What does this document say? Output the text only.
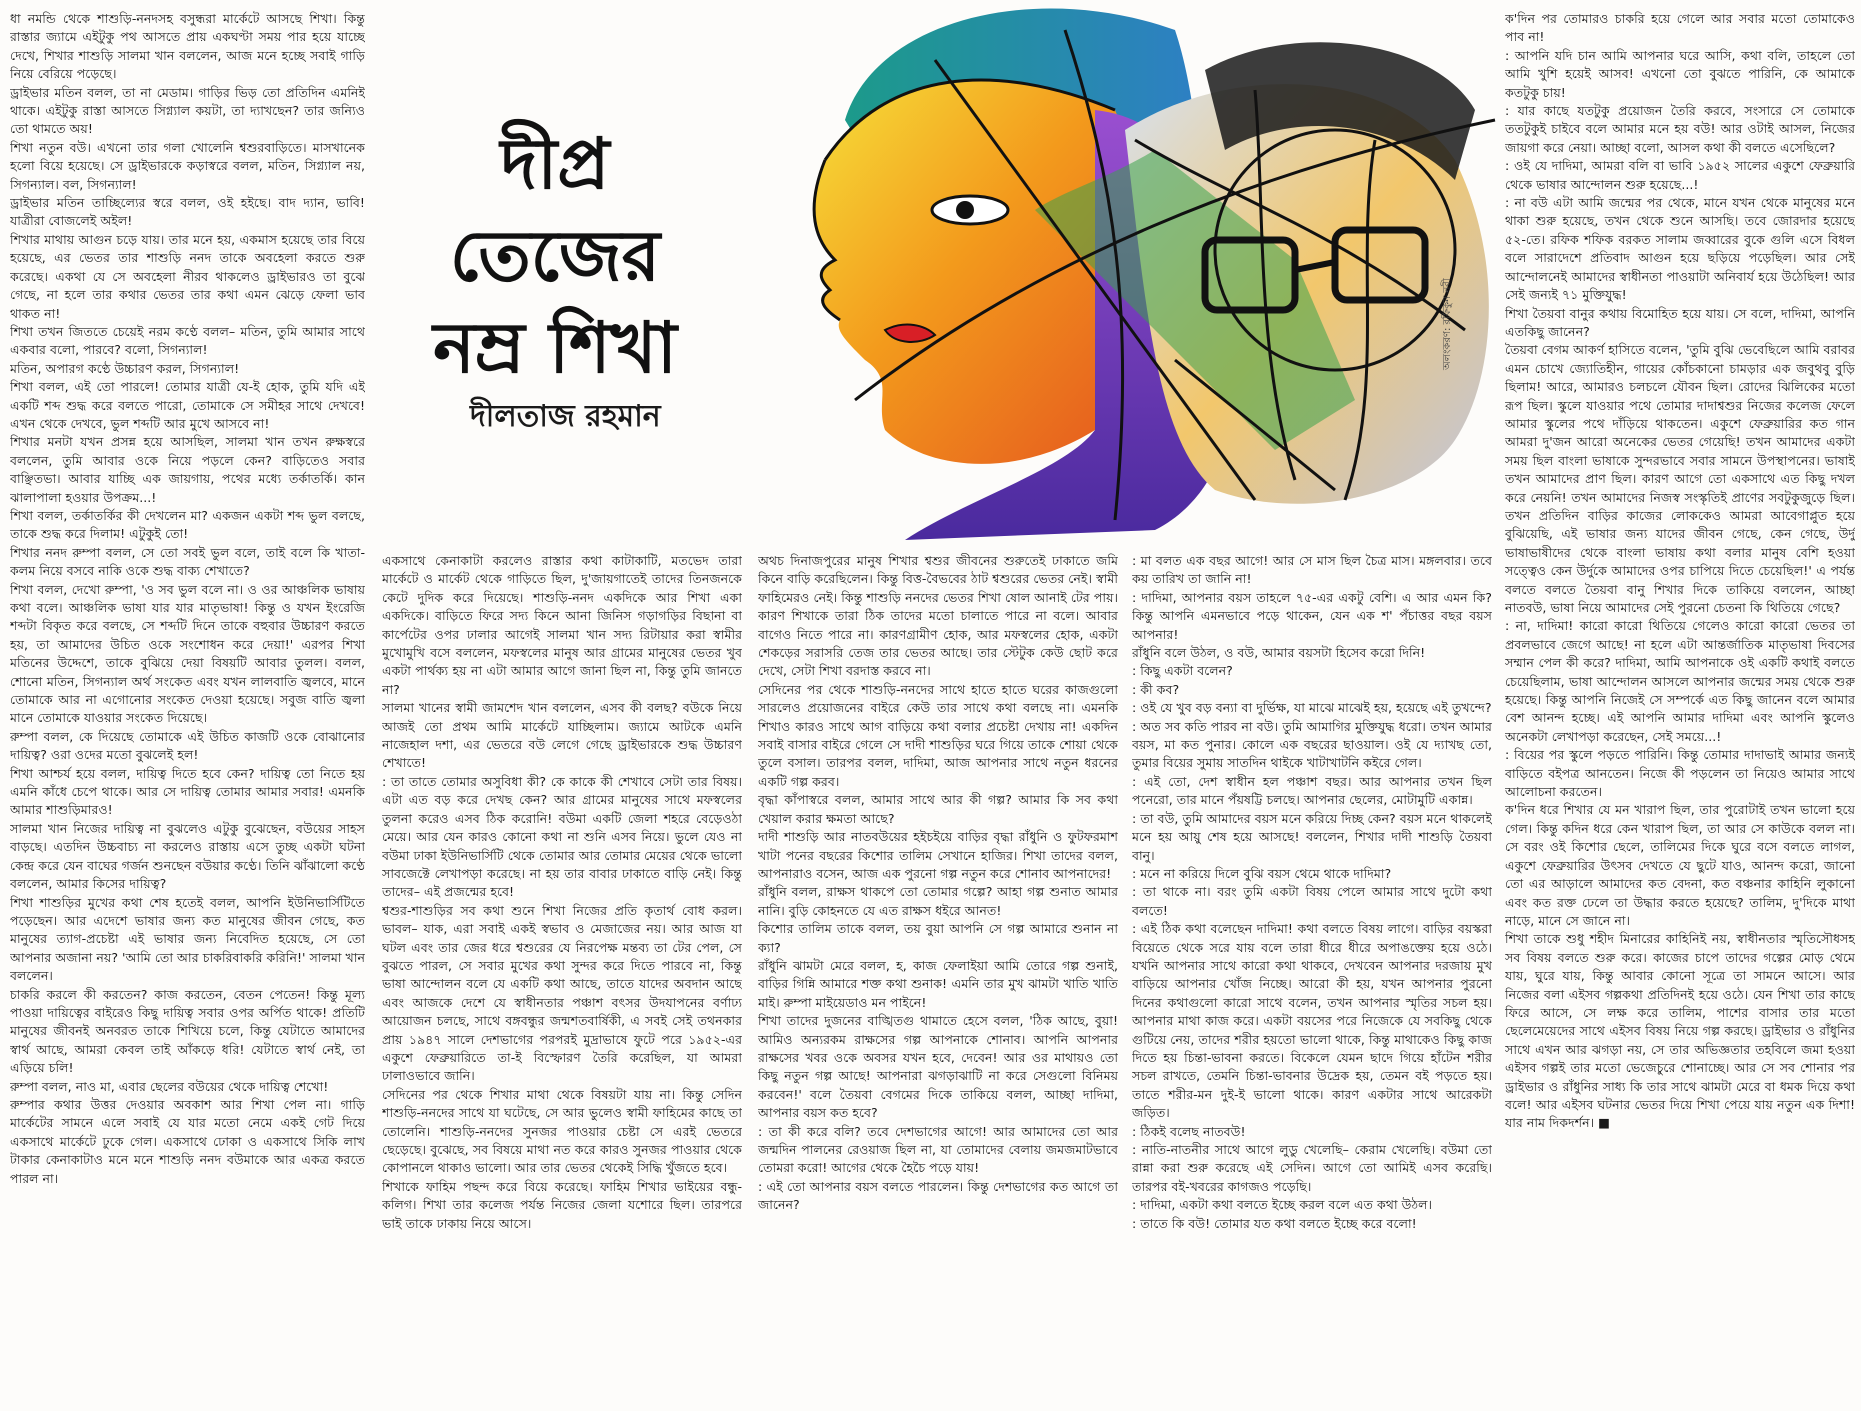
অলংকরণ: রফিকুন নবী
দীপ্র
তেজের
নম্র শিখা
দীলতাজ রহমান

ধা নমন্ডি থেকে শাশুড়ি-ননদসহ বসুন্ধরা মার্কেটে আসছে শিখা। কিন্তু রাস্তার জ্যামে এইটুকু পথ আসতে প্রায় একঘণ্টা সময় পার হয়ে যাচ্ছে দেখে, শিখার শাশুড়ি সালমা খান বললেন, আজ মনে হচ্ছে সবাই গাড়ি নিয়ে বেরিয়ে পড়েছে।

ড্রাইভার মতিন বলল, তা না মেডাম। গাড়ির ভিড় তো প্রতিদিন এমনিই থাকে। এইটুকু রাস্তা আসতে সিগ্ন্যাল কয়টা, তা দ্যাখছেন? তার জন্যিও তো থামতে অয়!

শিখা নতুন বউ। এখনো তার গলা খোলেনি শ্বশুরবাড়িতে। মাসখানেক হলো বিয়ে হয়েছে। সে ড্রাইভারকে কড়াস্বরে বলল, মতিন, সিগ্ন্যাল নয়, সিগন্যাল। বল, সিগন্যাল!

ড্রাইভার মতিন তাচ্ছিল্যের স্বরে বলল, ওই হইছে। বাদ দ্যান, ভাবি! যাত্রীরা বোজলেই অইল!

শিখার মাথায় আগুন চড়ে যায়। তার মনে হয়, একমাস হয়েছে তার বিয়ে হয়েছে, এর ভেতর তার শাশুড়ি ননদ তাকে অবহেলা করতে শুরু করেছে। একথা যে সে অবহেলা নীরব থাকলেও ড্রাইভারও তা বুঝে গেছে, না হলে তার কথার ভেতর তার কথা এমন ঝেড়ে ফেলা ভাব থাকত না!

শিখা তখন জিততে চেয়েই নরম কণ্ঠে বলল– মতিন, তুমি আমার সাথে একবার বলো, পারবে? বলো, সিগন্যাল!

মতিন, অপারগ কণ্ঠে উচ্চারণ করল, সিগন্যাল!

শিখা বলল, এই তো পারলে! তোমার যাত্রী যে-ই হোক, তুমি যদি এই একটি শব্দ শুদ্ধ করে বলতে পারো, তোমাকে সে সমীহর সাথে দেখবে! এখন থেকে দেখবে, ভুল শব্দটি আর মুখে আসবে না!

শিখার মনটা যখন প্রসন্ন হয়ে আসছিল, সালমা খান তখন রুক্ষস্বরে বললেন, তুমি আবার ওকে নিয়ে পড়লে কেন? বাড়িতেও সবার বাঞ্ছিতভা। আবার যাচ্ছি এক জায়গায়, পথের মধ্যে তর্কাতর্কি। কান ঝালাপালা হওয়ার উপক্রম...!

শিখা বলল, তর্কাতর্কির কী দেখলেন মা? একজন একটা শব্দ ভুল বলছে, তাকে শুদ্ধ করে দিলাম! এটুকুই তো!

শিখার ননদ রুম্পা বলল, সে তো সবই ভুল বলে, তাই বলে কি খাতা-কলম নিয়ে বসবে নাকি ওকে শুদ্ধ বাক্য শেখাতে?

শিখা বলল, দেখো রুম্পা, 'ও সব ভুল বলে না। ও ওর আঞ্চলিক ভাষায় কথা বলে। আঞ্চলিক ভাষা যার যার মাতৃভাষা! কিন্তু ও যখন ইংরেজি শব্দটা বিকৃত করে বলছে, সে শব্দটি দিনে তাকে বহুবার উচ্চারণ করতে হয়, তা আমাদের উচিত ওকে সংশোধন করে দেয়া!' এরপর শিখা মতিনের উদ্দেশে, তাকে বুঝিয়ে দেয়া বিষয়টি আবার তুলল। বলল, শোনো মতিন, সিগন্যাল অর্থ সংকেত এবং যখন লালবাতি জ্বলবে, মানে তোমাকে আর না এগোনোর সংকেত দেওয়া হয়েছে। সবুজ বাতি জ্বলা মানে তোমাকে যাওয়ার সংকেত দিয়েছে।

রুম্পা বলল, কে দিয়েছে তোমাকে এই উচিত কাজটি ওকে বোঝানোর দায়িত্ব? ওরা ওদের মতো বুঝলেই হল!

শিখা আশ্চর্য হয়ে বলল, দায়িত্ব দিতে হবে কেন? দায়িত্ব তো নিতে হয় এমনি কাঁধে চেপে থাকে। আর সে দায়িত্ব তোমার আমার সবার! এমনকি আমার শাশুড়িমারও!

সালমা খান নিজের দায়িত্ব না বুঝলেও এটুকু বুঝেছেন, বউয়ের সাহস বাড়ছে। এতদিন উচ্চবাচ্য না করলেও রাস্তায় এসে তুচ্ছ একটা ঘটনা কেন্দ্র করে যেন বাঘের গর্জন শুনছেন বউয়ার কণ্ঠে। তিনি ঝাঁঝালো কণ্ঠে বললেন, আমার কিসের দায়িত্ব?

শিখা শাশুড়ির মুখের কথা শেষ হতেই বলল, আপনি ইউনিভার্সিটিতে পড়েছেন। আর এদেশে ভাষার জন্য কত মানুষের জীবন গেছে, কত মানুষের ত্যাগ-প্রচেষ্টা এই ভাষার জন্য নিবেদিত হয়েছে, সে তো আপনার অজানা নয়? 'আমি তো আর চাকরিবাকরি করিনি!' সালমা খান বললেন।

চাকরি করলে কী করতেন? কাজ করতেন, বেতন পেতেন! কিন্তু মূল্য পাওয়া দায়িত্বের বাইরেও কিছু দায়িত্ব সবার ওপর অর্পিত থাকে! প্রতিটি মানুষের জীবনই অনবরত তাকে শিখিয়ে চলে, কিন্তু যেটাতে আমাদের স্বার্থ আছে, আমরা কেবল তাই আঁকড়ে ধরি! যেটাতে স্বার্থ নেই, তা এড়িয়ে চলি!

রুম্পা বলল, নাও মা, এবার ছেলের বউয়ের থেকে দায়িত্ব শেখো!

রুম্পার কথার উত্তর দেওয়ার অবকাশ আর শিখা পেল না। গাড়ি মার্কেটের সামনে এলে সবাই যে যার মতো নেমে একই গেট দিয়ে একসাথে মার্কেটে ঢুকে গেল। একসাথে ঢোকা ও একসাথে সিকি লাখ টাকার কেনাকাটাও মনে মনে শাশুড়ি ননদ বউমাকে আর একত্র করতে পারল না।

একসাথে কেনাকাটা করলেও রাস্তার কথা কাটাকাটি, মতভেদ তারা মার্কেটে ও মার্কেট থেকে গাড়িতে ছিল, দু'জায়গাতেই তাদের তিনজনকে কেটে দুদিক করে দিয়েছে। শাশুড়ি-ননদ একদিকে আর শিখা একা একদিকে। বাড়িতে ফিরে সদ্য কিনে আনা জিনিস গড়াগড়ির বিছানা বা কার্পেটের ওপর ঢালার আগেই সালমা খান সদ্য রিটায়ার করা স্বামীর মুখোমুখি বসে বললেন, মফস্বলের মানুষ আর গ্রামের মানুষের ভেতর খুব একটা পার্থক্য হয় না এটা আমার আগে জানা ছিল না, কিন্তু তুমি জানতে না?

সালমা খানের স্বামী জামশেদ খান বললেন, এসব কী বলছ? বউকে নিয়ে আজই তো প্রথম আমি মার্কেটে যাচ্ছিলাম। জ্যামে আটকে এমনি নাজেহাল দশা, এর ভেতরে বউ লেগে গেছে ড্রাইভারকে শুদ্ধ উচ্চারণ শেখাতে!

: তা তাতে তোমার অসুবিধা কী? কে কাকে কী শেখাবে সেটা তার বিষয়। এটা এত বড় করে দেখছ কেন? আর গ্রামের মানুষের সাথে মফস্বলের তুলনা করেও এসব ঠিক করোনি! বউমা একটি জেলা শহরে বেড়েওঠা মেয়ে। আর যেন কারও কোনো কথা না শুনি এসব নিয়ে। ভুলে যেও না বউমা ঢাকা ইউনিভার্সিটি থেকে তোমার আর তোমার মেয়ের থেকে ভালো সাবজেক্টে লেখাপড়া করেছে। না হয় তার বাবার ঢাকাতে বাড়ি নেই। কিন্তু তাদের– এই প্রজন্মের হবে!

শ্বশুর-শাশুড়ির সব কথা শুনে শিখা নিজের প্রতি কৃতার্থ বোধ করল। ভাবল– যাক, এরা সবাই একই স্বভাব ও মেজাজের নয়। আর আজ যা ঘটল এবং তার জের ধরে শ্বশুরের যে নিরপেক্ষ মন্তব্য তা টের পেল, সে বুঝতে পারল, সে সবার মুখের কথা সুন্দর করে দিতে পারবে না, কিন্তু ভাষা আন্দোলন বলে যে একটি কথা আছে, তাতে যাদের অবদান আছে এবং আজকে দেশে যে স্বাধীনতার পঞ্চাশ বৎসর উদযাপনের বর্ণাঢ্য আয়োজন চলছে, সাথে বঙ্গবন্ধুর জন্মশতবার্ষিকী, এ সবই সেই তথনকার প্রায় ১৯৪৭ সালে দেশভাগের পরপরই মুদ্রাভাষে ফুটে পরে ১৯৫২-এর একুশে ফেব্রুয়ারিতে তা-ই বিস্ফোরণ তৈরি করেছিল, যা আমরা ঢালাওভাবে জানি।

সেদিনের পর থেকে শিখার মাথা থেকে বিষয়টা যায় না। কিন্তু সেদিন শাশুড়ি-ননদের সাথে যা ঘটেছে, সে আর ভুলেও স্বামী ফাহিমের কাছে তা তোলেনি। শাশুড়ি-ননদের সুনজর পাওয়ার চেষ্টা সে এরই ভেতরে ছেড়েছে। বুঝেছে, সব বিষয়ে মাথা নত করে কারও সুনজর পাওয়ার থেকে কোপানলে থাকাও ভালো। আর তার ভেতর থেকেই সিদ্ধি খুঁজতে হবে।

শিখাকে ফাহিম পছন্দ করে বিয়ে করেছে। ফাহিম শিখার ভাইয়ের বন্ধু-কলিগ। শিখা তার কলেজ পর্যন্ত নিজের জেলা যশোরে ছিল। তারপরে ভাই তাকে ঢাকায় নিয়ে আসে।

অথচ দিনাজপুরের মানুষ শিখার শ্বশুর জীবনের শুরুতেই ঢাকাতে জমি কিনে বাড়ি করেছিলেন। কিন্তু বিত্ত-বৈভবের ঠাট শ্বশুরের ভেতর নেই। স্বামী ফাহিমেরও নেই। কিন্তু শাশুড়ি ননদের ভেতর শিখা ষোল আনাই টের পায়। কারণ শিখাকে তারা ঠিক তাদের মতো চালাতে পারে না বলে। আবার বাগেও নিতে পারে না। কারণগ্রামীণ হোক, আর মফস্বলের হোক, একটা শেকড়ের সরাসরি তেজ তার ভেতর আছে। তার স্টেটুক কেউ ছোট করে দেখে, সেটা শিখা বরদাস্ত করবে না।

সেদিনের পর থেকে শাশুড়ি-ননদের সাথে হাতে হাতে ঘরের কাজগুলো সারলেও প্রয়োজনের বাইরে কেউ তার সাথে কথা বলছে না। এমনকি শিখাও কারও সাথে আগ বাড়িয়ে কথা বলার প্রচেষ্টা দেখায় না! একদিন সবাই বাসার বাইরে গেলে সে দাদী শাশুড়ির ঘরে গিয়ে তাকে শোয়া থেকে তুলে বসাল। তারপর বলল, দাদিমা, আজ আপনার সাথে নতুন ধরনের একটি গল্প করব।

বৃদ্ধা কাঁপাস্বরে বলল, আমার সাথে আর কী গল্প? আমার কি সব কথা খেয়াল করার ক্ষমতা আছে?

দাদী শাশুড়ি আর নাতবউয়ের হইচইয়ে বাড়ির বৃদ্ধা রাঁধুনি ও ফুটফরমাশ খাটা পনের বছরের কিশোর তালিম সেখানে হাজির। শিখা তাদের বলল, আপনারাও বসেন, আজ এক পুরনো গল্প নতুন করে শোনাব আপনাদের!

রাঁধুনি বলল, রাক্ষস থাকপে তো তোমার গল্পে? আহা গল্প শুনাত আমার নানি। বুড়ি কোহনতে যে এত রাক্ষস ধইরে আনত!

কিশোর তালিম তাকে বলল, তয় বুয়া আপনি সে গল্প আমারে শুনান না ক্যা?

রাঁধুনি ঝামটা মেরে বলল, হ, কাজ ফেলাইয়া আমি তোরে গল্প শুনাই, বাড়ির গিন্নি আমারে শক্ত কথা শুনাক! এমনি তার মুখ ঝামটা খাতি খাতি মাই। রুম্পা মাইয়েডাও মন পাইনে!

শিখা তাদের দুজনের বাঙ্খিতগু থামাতে হেসে বলল, 'ঠিক আছে, বুয়া! আমিও অন্যরকম রাক্ষসের গল্প আপনাকে শোনাব। আপনি আপনার রাক্ষসের খবর ওকে অবসর যখন হবে, দেবেন! আর ওর মাথায়ও তো কিছু নতুন গল্প আছে! আপনারা ঝগড়াঝাটি না করে সেগুলো বিনিময় করবেন!' বলে তৈয়বা বেগমের দিকে তাকিয়ে বলল, আচ্ছা দাদিমা, আপনার বয়স কত হবে?

: তা কী করে বলি? তবে দেশভাগের আগে! আর আমাদের তো আর জন্মদিন পালনের রেওয়াজ ছিল না, যা তোমাদের বেলায় জমজমাটভাবে তোমরা করো! আগের থেকে হৈচৈ পড়ে যায়!

: এই তো আপনার বয়স বলতে পারলেন। কিন্তু দেশভাগের কত আগে তা জানেন?

: মা বলত এক বছর আগে! আর সে মাস ছিল চৈত্র মাস। মঙ্গলবার। তবে কয় তারিখ তা জানি না!

: দাদিমা, আপনার বয়স তাহলে ৭৫-এর একটু বেশি। এ আর এমন কি? কিন্তু আপনি এমনভাবে পড়ে থাকেন, যেন এক শ' পঁচাত্তর বছর বয়স আপনার!

রাঁধুনি বলে উঠল, ও বউ, আমার বয়সটা হিসেব করো দিনি!

: কিছু একটা বলেন?

: কী কব?

: ওই যে খুব বড় বন্যা বা দুর্ভিক্ষ, যা মাঝে মাঝেই হয়, হয়েছে এই তুখন্দে?

: অত সব কতি পারব না বউ। তুমি আমাগির মুক্তিযুদ্ধ ধরো। তখন আমার বয়স, মা কত পুনার। কোলে এক বছরের ছাওয়াল। ওই যে দ্যাখছ তো, তুমার বিয়ের সুমায় সাতদিন থাইকে খাটাখাটনি কইরে গেল।

: এই তো, দেশ স্বাধীন হল পঞ্চাশ বছর। আর আপনার তখন ছিল পনেরো, তার মানে পঁয়ষট্টি চলছে। আপনার ছেলের, মোটামুটি একান্ন।

: তা বউ, তুমি আমাদের বয়স মনে করিয়ে দিচ্ছ কেন? বয়স মনে থাকলেই মনে হয় আয়ু শেষ হয়ে আসছে! বললেন, শিখার দাদী শাশুড়ি তৈয়বা বানু।

: মনে না করিয়ে দিলে বুঝি বয়স থেমে থাকে দাদিমা?

: তা থাকে না। বরং তুমি একটা বিষয় পেলে আমার সাথে দুটো কথা বলতে!

: এই ঠিক কথা বলেছেন দাদিমা! কথা বলতে বিষয় লাগে। বাড়ির বয়স্করা বিয়েতে থেকে সরে যায় বলে তারা ধীরে ধীরে অপাঙক্তেয় হয়ে ওঠে। যখনি আপনার সাথে কারো কথা থাকবে, দেখবেন আপনার দরজায় মুখ বাড়িয়ে আপনার খোঁজ নিচ্ছে। আরো কী হয়, যখন আপনার পুরনো দিনের কথাগুলো কারো সাথে বলেন, তখন আপনার স্মৃতির সচল হয়। আপনার মাথা কাজ করে। একটা বয়সের পরে নিজেকে যে সবকিছু থেকে গুটিয়ে নেয়, তাদের শরীর হয়তো ভালো থাকে, কিন্তু মাথাকেও কিছু কাজ দিতে হয় চিন্তা-ভাবনা করতে। বিকেলে যেমন ছাদে গিয়ে হাঁটেন শরীর সচল রাখতে, তেমনি চিন্তা-ভাবনার উদ্রেক হয়, তেমন বই পড়তে হয়। তাতে শরীর-মন দুই-ই ভালো থাকে। কারণ একটার সাথে আরেকটা জড়িত।

: ঠিকই বলেছ নাতবউ!

: নাতি-নাতনীর সাথে আগে লুডু খেলেছি– কেরাম খেলেছি। বউমা তো রান্না করা শুরু করেছে এই সেদিন। আগে তো আমিই এসব করেছি। তারপর বই-খবরের কাগজও পড়েছি।

: দাদিমা, একটা কথা বলতে ইচ্ছে করল বলে এত কথা উঠল।

: তাতে কি বউ! তোমার যত কথা বলতে ইচ্ছে করে বলো!

ক'দিন পর তোমারও চাকরি হয়ে গেলে আর সবার মতো তোমাকেও পাব না!

: আপনি যদি চান আমি আপনার ঘরে আসি, কথা বলি, তাহলে তো আমি খুশি হয়েই আসব! এখনো তো বুঝতে পারিনি, কে আমাকে কতটুকু চায়!

: যার কাছে যতটুকু প্রয়োজন তৈরি করবে, সংসারে সে তোমাকে ততটুকুই চাইবে বলে আমার মনে হয় বউ! আর ওটাই আসল, নিজের জায়গা করে নেয়া। আচ্ছা বলো, আসল কথা কী বলতে এসেছিলে?

: ওই যে দাদিমা, আমরা বলি বা ভাবি ১৯৫২ সালের একুশে ফেব্রুয়ারি থেকে ভাষার আন্দোলন শুরু হয়েছে...!

: না বউ এটা আমি জন্মের পর থেকে, মানে যখন থেকে মানুষের মনে থাকা শুরু হয়েছে, তখন থেকে শুনে আসছি। তবে জোরদার হয়েছে ৫২-তে। রফিক শফিক বরকত সালাম জব্বারের বুকে গুলি এসে বিধল বলে সারাদেশে প্রতিবাদ আগুন হয়ে ছড়িয়ে পড়েছিল। আর সেই আন্দোলনেই আমাদের স্বাধীনতা পাওয়াটা অনিবার্য হয়ে উঠেছিল! আর সেই জন্যই ৭১ মুক্তিযুদ্ধ!

শিখা তৈয়বা বানুর কথায় বিমোহিত হয়ে যায়। সে বলে, দাদিমা, আপনি এতকিছু জানেন?

তৈয়বা বেগম আকর্ণ হাসিতে বলেন, 'তুমি বুঝি ভেবেছিলে আমি বরাবর এমন চোখে জ্যোতিহীন, গায়ের কোঁচকানো চামড়ার এক জবুথবু বুড়ি ছিলাম! আরে, আমারও চলচলে যৌবন ছিল। রোদের ঝিলিকের মতো রূপ ছিল। স্কুলে যাওয়ার পথে তোমার দাদাশ্বশুর নিজের কলেজ ফেলে আমার স্কুলের পথে দাঁড়িয়ে থাকতেন। একুশে ফেব্রুয়ারির কত গান আমরা দু'জন আরো অনেকের ভেতর গেয়েছি! তখন আমাদের একটা সময় ছিল বাংলা ভাষাকে সুন্দরভাবে সবার সামনে উপস্থাপনের। ভাষাই তখন আমাদের প্রাণ ছিল। কারণ আগে তো একসাথে এত কিছু দখল করে নেয়নি! তখন আমাদের নিজস্ব সংস্কৃতিই প্রাণের সবটুকুজুড়ে ছিল। তখন প্রতিদিন বাড়ির কাজের লোককেও আমরা আবেগাপ্লুত হয়ে বুঝিয়েছি, এই ভাষার জন্য যাদের জীবন গেছে, কেন গেছে, উর্দু ভাষাভাষীদের থেকে বাংলা ভাষায় কথা বলার মানুষ বেশি হওয়া সত্ত্বেও কেন উর্দুকে আমাদের ওপর চাপিয়ে দিতে চেয়েছিল!' এ পর্যন্ত বলতে বলতে তৈয়বা বানু শিখার দিকে তাকিয়ে বললেন, আচ্ছা নাতবউ, ভাষা নিয়ে আমাদের সেই পুরনো চেতনা কি থিতিয়ে গেছে?

: না, দাদিমা! কারো কারো থিতিয়ে গেলেও কারো কারো ভেতর তা প্রবলভাবে জেগে আছে! না হলে এটা আন্তর্জাতিক মাতৃভাষা দিবসের সম্মান পেল কী করে? দাদিমা, আমি আপনাকে ওই একটি কথাই বলতে চেয়েছিলাম, ভাষা আন্দোলন আসলে আপনার জন্মের সময় থেকে শুরু হয়েছে। কিন্তু আপনি নিজেই সে সম্পর্কে এত কিছু জানেন বলে আমার বেশ আনন্দ হচ্ছে। এই আপনি আমার দাদিমা এবং আপনি স্কুলেও অনেকটা লেখাপড়া করেছেন, সেই সময়ে...!

: বিয়ের পর স্কুলে পড়তে পারিনি। কিন্তু তোমার দাদাভাই আমার জন্যই বাড়িতে বইপত্র আনতেন। নিজে কী পড়লেন তা নিয়েও আমার সাথে আলোচনা করতেন।

ক'দিন ধরে শিখার যে মন খারাপ ছিল, তার পুরোটাই তখন ভালো হয়ে গেল। কিন্তু কদিন ধরে কেন খারাপ ছিল, তা আর সে কাউকে বলল না। সে বরং ওই কিশোর ছেলে, তালিমের দিকে ঘুরে বসে বলতে লাগল, একুশে ফেব্রুয়ারির উৎসব দেখতে যে ছুটে যাও, আনন্দ করো, জানো তো এর আড়ালে আমাদের কত বেদনা, কত বঞ্চনার কাহিনি লুকানো এবং কত রক্ত ঢেলে তা উদ্ধার করতে হয়েছে? তালিম, দু'দিকে মাথা নাড়ে, মানে সে জানে না।

শিখা তাকে শুধু শহীদ মিনারের কাহিনিই নয়, স্বাধীনতার স্মৃতিসৌধসহ সব বিষয় বলতে শুরু করে। কাজের চাপে তাদের গল্পের মোড় থেমে যায়, ঘুরে যায়, কিন্তু আবার কোনো সূত্রে তা সামনে আসে। আর নিজের বলা এইসব গল্পকথা প্রতিদিনই হয়ে ওঠে। যেন শিখা তার কাছে ফিরে আসে, সে লক্ষ করে তালিম, পাশের বাসার তার মতো ছেলেমেয়েদের সাথে এইসব বিষয় নিয়ে গল্প করছে। ড্রাইভার ও রাঁধুনির সাথে এখন আর ঝগড়া নয়, সে তার অভিজ্ঞতার তহবিলে জমা হওয়া এইসব গল্পই তার মতো ভেজেচুরে শোনাচ্ছে। আর সে সব শোনার পর ড্রাইভার ও রাঁধুনির সাধ্য কি তার সাথে ঝামটা মেরে বা ধমক দিয়ে কথা বলে! আর এইসব ঘটনার ভেতর দিয়ে শিখা পেয়ে যায় নতুন এক দিশা! যার নাম দিকদর্শন। ■
